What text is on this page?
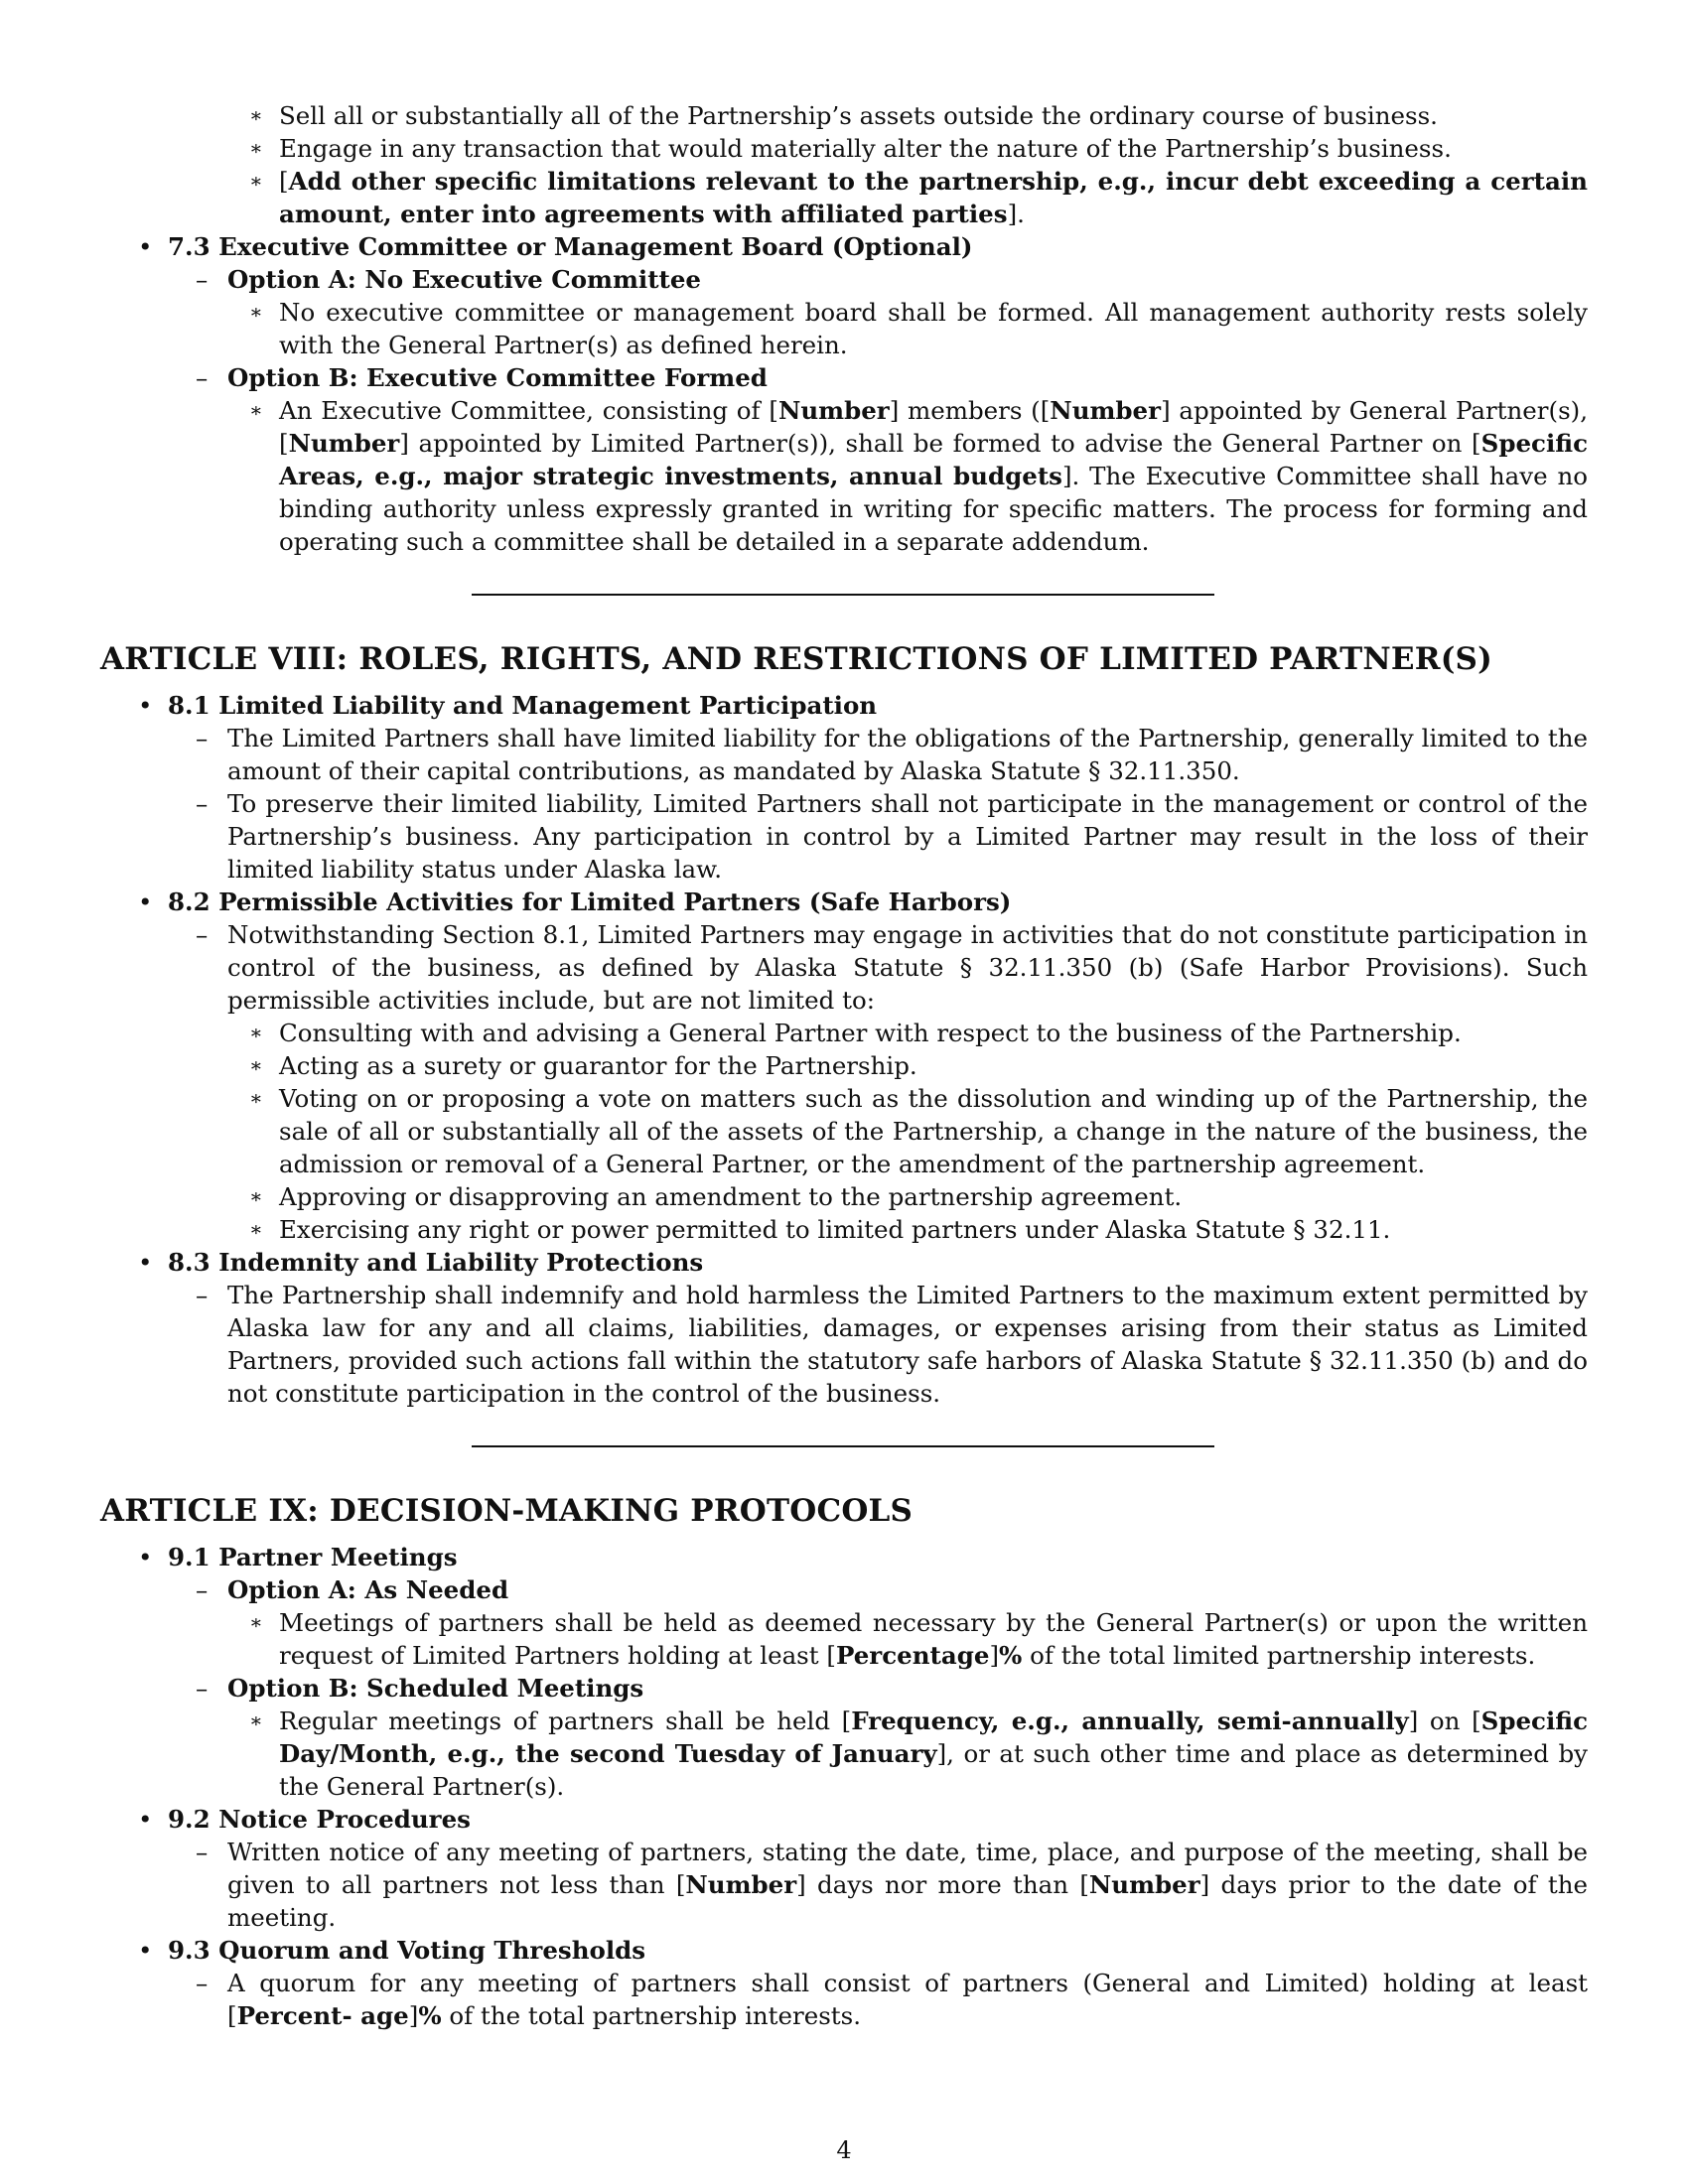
∗ Sell all or substantially all of the Partnership’s assets outside the ordinary course of business.
∗ Engage in any transaction that would materially alter the nature of the Partnership’s business.
∗ [Add other specific limitations relevant to the partnership, e.g., incur debt exceeding a certain amount, enter into agreements with affiliated parties].
• 7.3 Executive Committee or Management Board (Optional)
– Option A: No Executive Committee
∗ No executive committee or management board shall be formed. All management authority rests solely with the General Partner(s) as defined herein.
– Option B: Executive Committee Formed
∗ An Executive Committee, consisting of [Number] members ([Number] appointed by General Partner(s), [Number] appointed by Limited Partner(s)), shall be formed to advise the General Partner on [Specific Areas, e.g., major strategic investments, annual budgets]. The Executive Committee shall have no binding authority unless expressly granted in writing for specific matters. The process for forming and operating such a committee shall be detailed in a separate addendum.
ARTICLE VIII: ROLES, RIGHTS, AND RESTRICTIONS OF LIMITED PARTNER(S)
• 8.1 Limited Liability and Management Participation
– The Limited Partners shall have limited liability for the obligations of the Partnership, generally limited to the amount of their capital contributions, as mandated by Alaska Statute § 32.11.350.
– To preserve their limited liability, Limited Partners shall not participate in the management or control of the Partnership’s business. Any participation in control by a Limited Partner may result in the loss of their limited liability status under Alaska law.
• 8.2 Permissible Activities for Limited Partners (Safe Harbors)
– Notwithstanding Section 8.1, Limited Partners may engage in activities that do not constitute participation in control of the business, as defined by Alaska Statute § 32.11.350 (b) (Safe Harbor Provisions). Such permissible activities include, but are not limited to:
∗ Consulting with and advising a General Partner with respect to the business of the Partnership.
∗ Acting as a surety or guarantor for the Partnership.
∗ Voting on or proposing a vote on matters such as the dissolution and winding up of the Partnership, the sale of all or substantially all of the assets of the Partnership, a change in the nature of the business, the admission or removal of a General Partner, or the amendment of the partnership agreement.
∗ Approving or disapproving an amendment to the partnership agreement.
∗ Exercising any right or power permitted to limited partners under Alaska Statute § 32.11.
• 8.3 Indemnity and Liability Protections
– The Partnership shall indemnify and hold harmless the Limited Partners to the maximum extent permitted by Alaska law for any and all claims, liabilities, damages, or expenses arising from their status as Limited Partners, provided such actions fall within the statutory safe harbors of Alaska Statute § 32.11.350 (b) and do not constitute participation in the control of the business.
ARTICLE IX: DECISION-MAKING PROTOCOLS
• 9.1 Partner Meetings
– Option A: As Needed
∗ Meetings of partners shall be held as deemed necessary by the General Partner(s) or upon the written request of Limited Partners holding at least [Percentage]% of the total limited partnership interests.
– Option B: Scheduled Meetings
∗ Regular meetings of partners shall be held [Frequency, e.g., annually, semi-annually] on [Specific Day/Month, e.g., the second Tuesday of January], or at such other time and place as determined by the General Partner(s).
• 9.2 Notice Procedures
– Written notice of any meeting of partners, stating the date, time, place, and purpose of the meeting, shall be given to all partners not less than [Number] days nor more than [Number] days prior to the date of the meeting.
• 9.3 Quorum and Voting Thresholds
– A quorum for any meeting of partners shall consist of partners (General and Limited) holding at least [Percent- age]% of the total partnership interests.
4
